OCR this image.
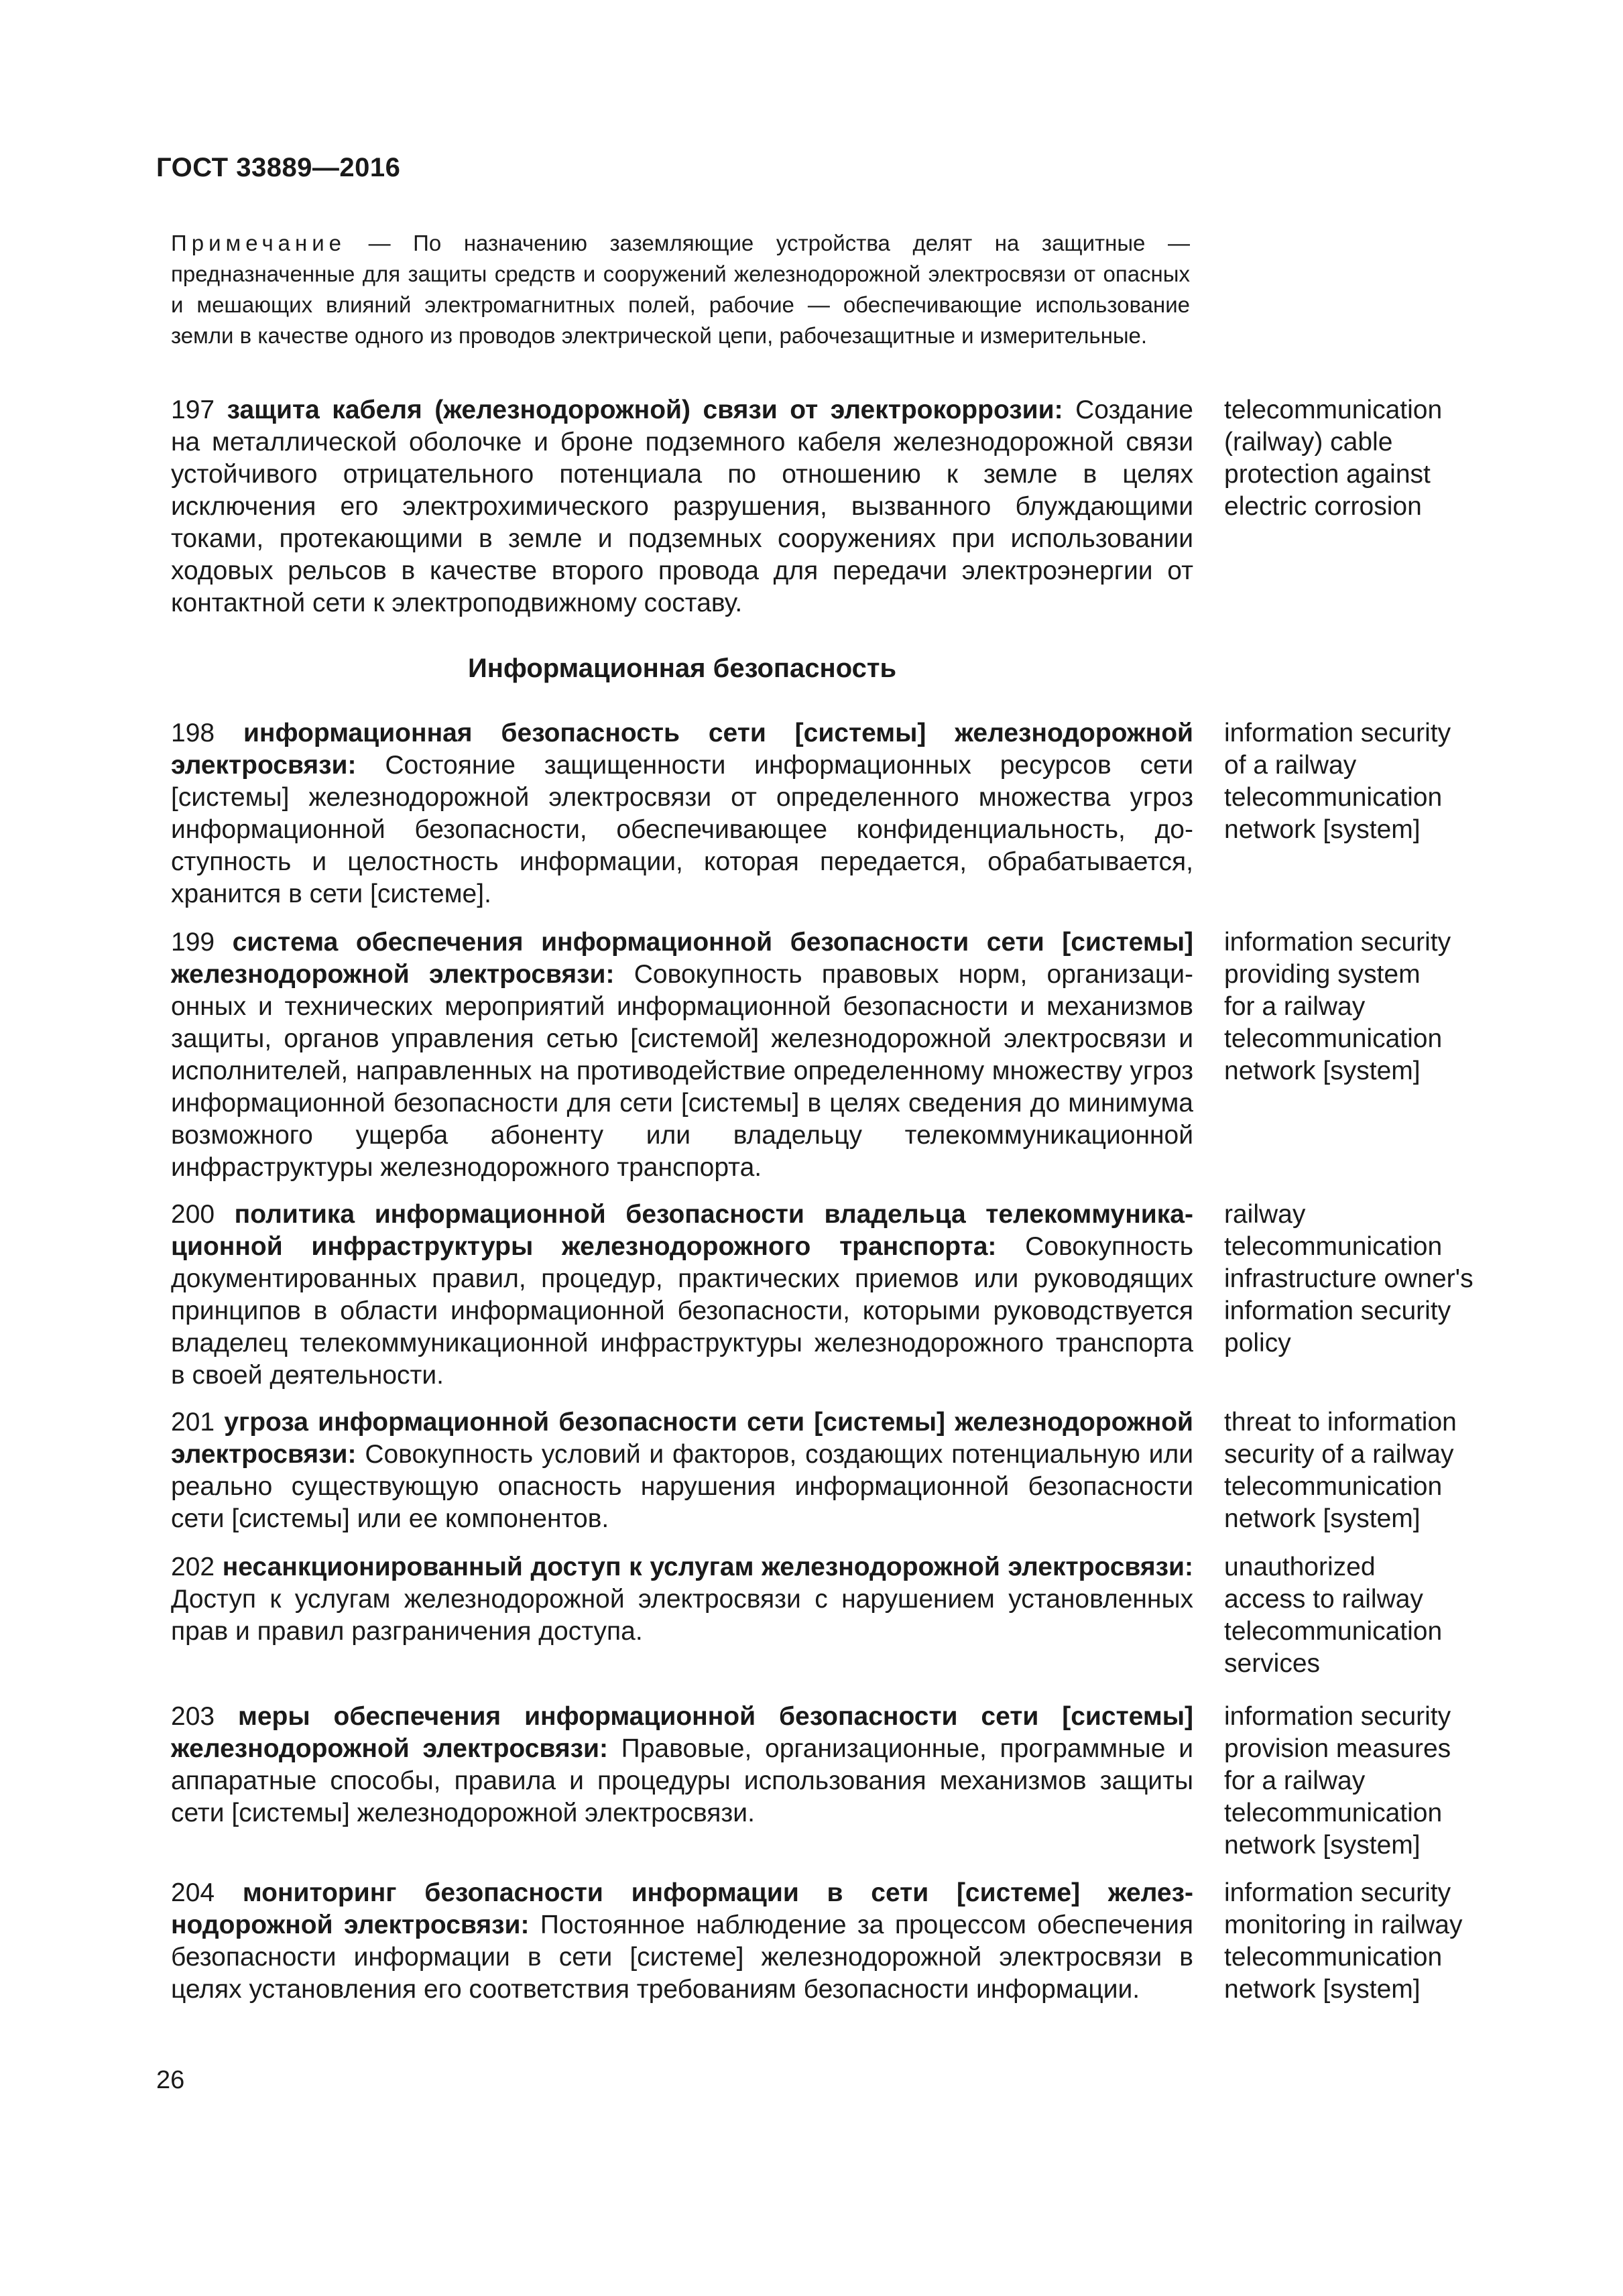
ГОСТ 33889—2016
Примечание — По назначению заземляющие устройства делят на защитные — предназначенные для защиты средств и сооружений железнодорожной электросвязи от опасных и мешающих влияний электромагнитных полей, рабочие — обеспечивающие использование земли в качестве одного из проводов электрической цепи, рабочезащитные и измерительные.
197 защита кабеля (железнодорожной) связи от электрокоррозии: Создание на металлической оболочке и броне подземного кабеля железнодорожной связи устойчивого отрицательного потенциала по отношению к земле в целях исключения его электрохимического разрушения, вызванного блуждающими токами, протекающими в земле и подземных сооружениях при использовании ходовых рельсов в качестве второго провода для передачи электроэнергии от контактной сети к электроподвижному составу.
telecommunication
(railway) cable
protection against
electric corrosion
Информационная безопасность
198 информационная безопасность сети [системы] железнодорожной электросвязи: Состояние защищенности информационных ресурсов сети [системы] железнодорожной электросвязи от определенного множества угроз информационной безопасности, обеспечивающее конфиденциальность, доступность и целостность информации, которая передается, обрабатывается, хранится в сети [системе].
information security
of a railway
telecommunication
network [system]
199 система обеспечения информационной безопасности сети [системы] железнодорожной электросвязи: Совокупность правовых норм, организационных и технических мероприятий информационной безопасности и механизмов защиты, органов управления сетью [системой] железнодорожной электросвязи и исполнителей, направленных на противодействие определенному множеству угроз информационной безопасности для сети [системы] в целях сведения до минимума возможного ущерба абоненту или владельцу телекоммуникационной инфраструктуры железнодорожного транспорта.
information security
providing system
for a railway
telecommunication
network [system]
200 политика информационной безопасности владельца телекоммуникационной инфраструктуры железнодорожного транспорта: Совокупность документированных правил, процедур, практических приемов или руководящих принципов в области информационной безопасности, которыми руководствуется владелец телекоммуникационной инфраструктуры железнодорожного транспорта в своей деятельности.
railway
telecommunication
infrastructure owner's
information security
policy
201 угроза информационной безопасности сети [системы] железнодорожной электросвязи: Совокупность условий и факторов, создающих потенциальную или реально существующую опасность нарушения информационной безопасности сети [системы] или ее компонентов.
threat to information
security of a railway
telecommunication
network [system]
202 несанкционированный доступ к услугам железнодорожной электросвязи: Доступ к услугам железнодорожной электросвязи с нарушением установленных прав и правил разграничения доступа.
unauthorized
access to railway
telecommunication
services
203 меры обеспечения информационной безопасности сети [системы] железнодорожной электросвязи: Правовые, организационные, программные и аппаратные способы, правила и процедуры использования механизмов защиты сети [системы] железнодорожной электросвязи.
information security
provision measures
for a railway
telecommunication
network [system]
204 мониторинг безопасности информации в сети [системе] железнодорожной электросвязи: Постоянное наблюдение за процессом обеспечения безопасности информации в сети [системе] железнодорожной электросвязи в целях установления его соответствия требованиям безопасности информации.
information security
monitoring in railway
telecommunication
network [system]
26
